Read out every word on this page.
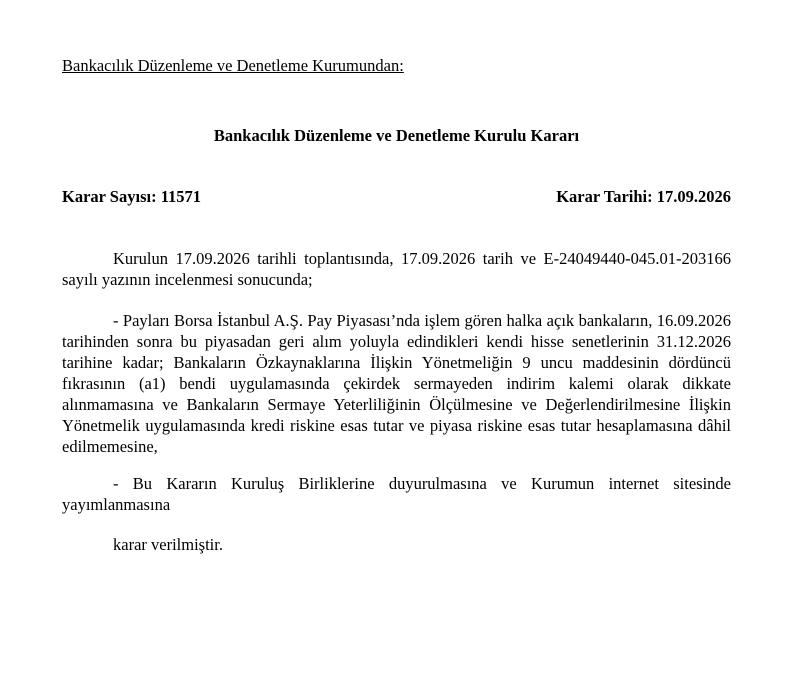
Bankacılık Düzenleme ve Denetleme Kurumundan:
Bankacılık Düzenleme ve Denetleme Kurulu Kararı
Karar Sayısı: 11571	Karar Tarihi: 17.09.2026

Kurulun 17.09.2026 tarihli toplantısında, 17.09.2026 tarih ve E-24049440-045.01-203166 sayılı yazının incelenmesi sonucunda;

- Payları Borsa İstanbul A.Ş. Pay Piyasası’nda işlem gören halka açık bankaların, 16.09.2026 tarihinden sonra bu piyasadan geri alım yoluyla edindikleri kendi hisse senetlerinin 31.12.2026 tarihine kadar; Bankaların Özkaynaklarına İlişkin Yönetmeliğin 9 uncu maddesinin dördüncü fıkrasının (a1) bendi uygulamasında çekirdek sermayeden indirim kalemi olarak dikkate alınmamasına ve Bankaların Sermaye Yeterliliğinin Ölçülmesine ve Değerlendirilmesine İlişkin Yönetmelik uygulamasında kredi riskine esas tutar ve piyasa riskine esas tutar hesaplamasına dâhil edilmemesine,

- Bu Kararın Kuruluş Birliklerine duyurulmasına ve Kurumun internet sitesinde yayımlanmasına

karar verilmiştir.
